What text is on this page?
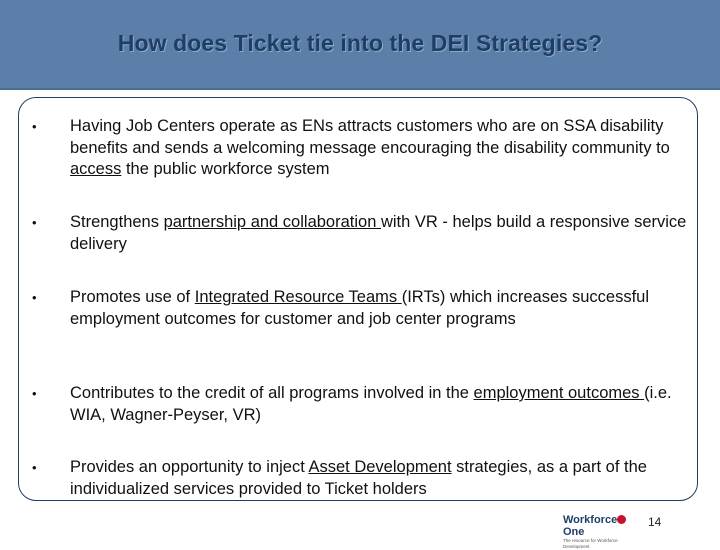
How does Ticket tie into the DEI Strategies?
• Having Job Centers operate as ENs attracts customers who are on SSA disability benefits and sends a welcoming message encouraging the disability community to access the public workforce system
• Strengthens partnership and collaboration with VR - helps build a responsive service delivery
• Promotes use of Integrated Resource Teams (IRTs) which increases successful employment outcomes for customer and job center programs
• Contributes to the credit of all programs involved in the employment outcomes (i.e. WIA, Wagner-Peyser, VR)
• Provides an opportunity to inject Asset Development strategies, as a part of the individualized services provided to Ticket holders
WorkforceOne
The resource for Workforce Development
14
